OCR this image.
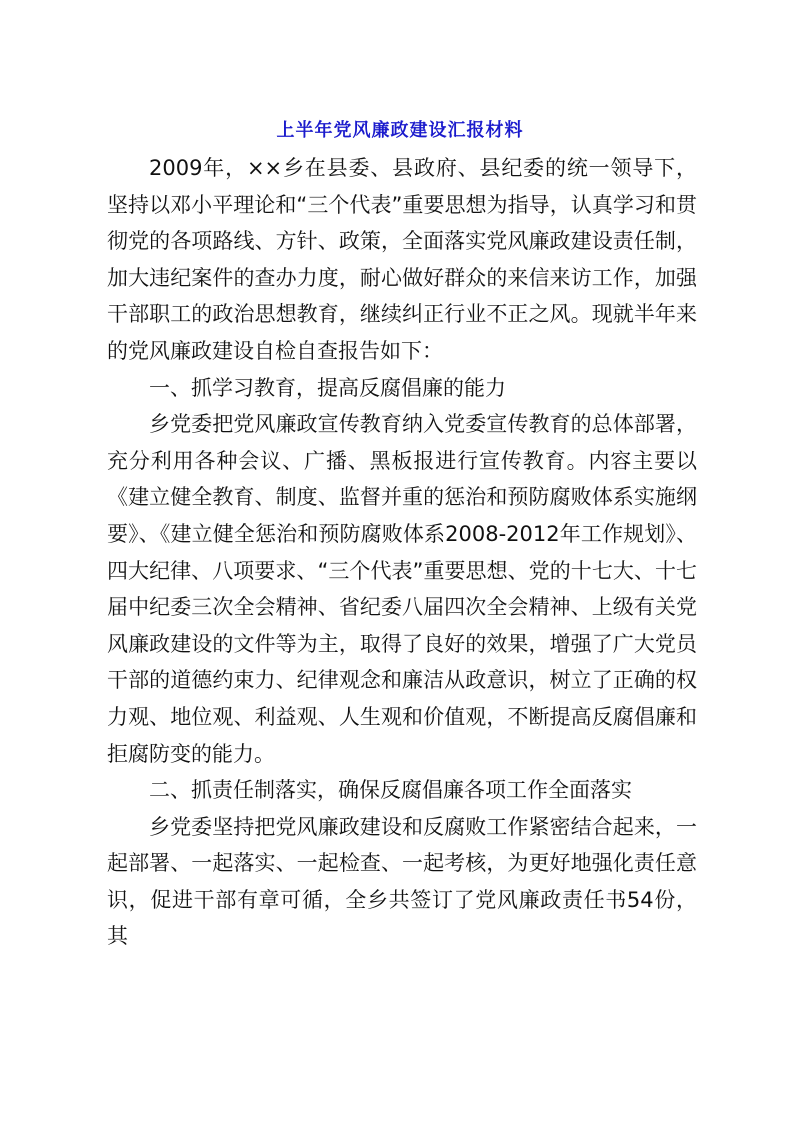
上半年党风廉政建设汇报材料

2009年，××乡在县委、县政府、县纪委的统一领导下，坚持以邓小平理论和“三个代表”重要思想为指导，认真学习和贯彻党的各项路线、方针、政策，全面落实党风廉政建设责任制，加大违纪案件的查办力度，耐心做好群众的来信来访工作，加强干部职工的政治思想教育，继续纠正行业不正之风。现就半年来的党风廉政建设自检自查报告如下：

一、抓学习教育，提高反腐倡廉的能力

乡党委把党风廉政宣传教育纳入党委宣传教育的总体部署，充分利用各种会议、广播、黑板报进行宣传教育。内容主要以《建立健全教育、制度、监督并重的惩治和预防腐败体系实施纲要》、《建立健全惩治和预防腐败体系2008-2012年工作规划》、四大纪律、八项要求、“三个代表”重要思想、党的十七大、十七届中纪委三次全会精神、省纪委八届四次全会精神、上级有关党风廉政建设的文件等为主，取得了良好的效果，增强了广大党员干部的道德约束力、纪律观念和廉洁从政意识，树立了正确的权力观、地位观、利益观、人生观和价值观，不断提高反腐倡廉和拒腐防变的能力。

二、抓责任制落实，确保反腐倡廉各项工作全面落实

乡党委坚持把党风廉政建设和反腐败工作紧密结合起来，一起部署、一起落实、一起检查、一起考核，为更好地强化责任意识，促进干部有章可循，全乡共签订了党风廉政责任书54份，其
